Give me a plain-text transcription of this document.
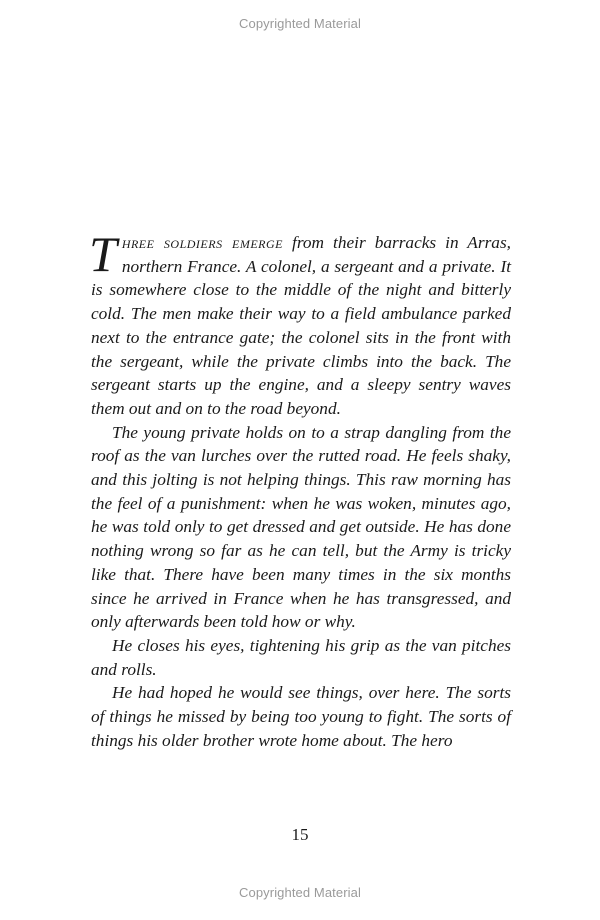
Copyrighted Material

Three soldiers emerge from their barracks in Arras, northern France. A colonel, a sergeant and a private. It is somewhere close to the middle of the night and bitterly cold. The men make their way to a field ambulance parked next to the entrance gate; the colonel sits in the front with the sergeant, while the private climbs into the back. The sergeant starts up the engine, and a sleepy sentry waves them out and on to the road beyond.

The young private holds on to a strap dangling from the roof as the van lurches over the rutted road. He feels shaky, and this jolting is not helping things. This raw morning has the feel of a punishment: when he was woken, minutes ago, he was told only to get dressed and get outside. He has done nothing wrong so far as he can tell, but the Army is tricky like that. There have been many times in the six months since he arrived in France when he has transgressed, and only afterwards been told how or why.

He closes his eyes, tightening his grip as the van pitches and rolls.

He had hoped he would see things, over here. The sorts of things he missed by being too young to fight. The sorts of things his older brother wrote home about. The hero

15
Copyrighted Material
